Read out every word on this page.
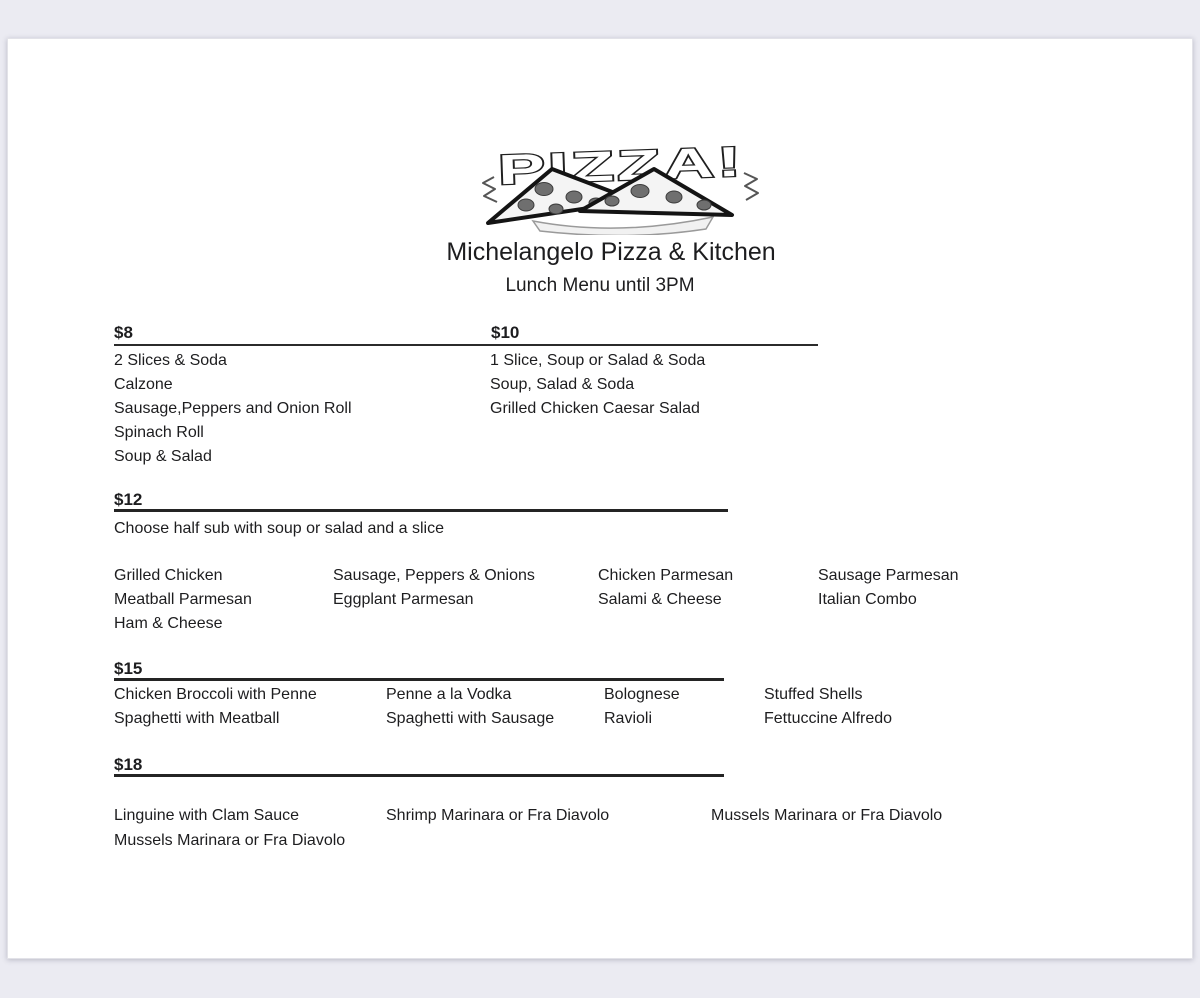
PIZZA!
Michelangelo Pizza & Kitchen
Lunch Menu until 3PM
$8	$10
2 Slices & Soda
Calzone
Sausage,Peppers and Onion Roll
Spinach Roll
Soup & Salad
1 Slice, Soup or Salad & Soda
Soup, Salad & Soda
Grilled Chicken Caesar Salad
$12
Choose half sub with soup or salad and a slice
Grilled Chicken
Meatball Parmesan
Ham & Cheese
Sausage, Peppers & Onions
Eggplant Parmesan
Chicken Parmesan
Salami & Cheese
Sausage Parmesan
Italian Combo
$15
Chicken Broccoli with Penne
Spaghetti with Meatball
Penne a la Vodka
Spaghetti with Sausage
Bolognese
Ravioli
Stuffed Shells
Fettuccine Alfredo
$18
Linguine with Clam Sauce
Mussels Marinara or Fra Diavolo
Shrimp Marinara or Fra Diavolo	Mussels Marinara or Fra Diavolo
